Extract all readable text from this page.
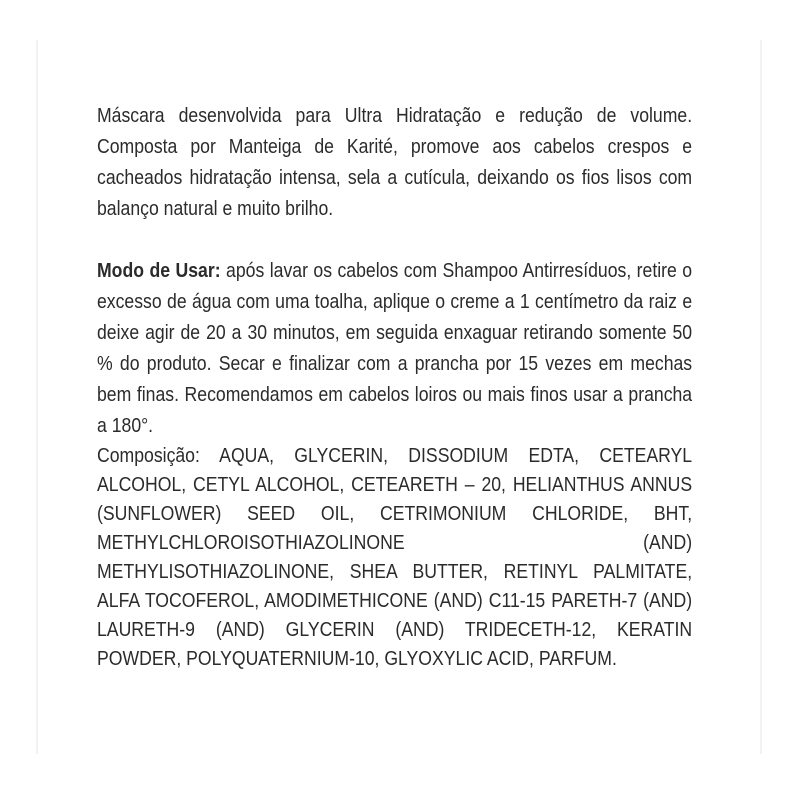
Máscara desenvolvida para Ultra Hidratação e redução de volume. Composta por Manteiga de Karité, promove aos cabelos crespos e cacheados hidratação intensa, sela a cutícula, deixando os fios lisos com balanço natural e muito brilho.

Modo de Usar: após lavar os cabelos com Shampoo Antirresíduos, retire o excesso de água com uma toalha, aplique o creme a 1 centímetro da raiz e deixe agir de 20 a 30 minutos, em seguida enxaguar retirando somente 50 % do produto. Secar e finalizar com a prancha por 15 vezes em mechas bem finas. Recomendamos em cabelos loiros ou mais finos usar a prancha a 180°.

Composição: AQUA, GLYCERIN, DISSODIUM EDTA, CETEARYL ALCOHOL, CETYL ALCOHOL, CETEARETH – 20, HELIANTHUS ANNUS (SUNFLOWER) SEED OIL, CETRIMONIUM CHLORIDE, BHT, METHYLCHLOROISOTHIAZOLINONE (AND) METHYLISOTHIAZOLINONE, SHEA BUTTER, RETINYL PALMITATE, ALFA TOCOFEROL, AMODIMETHICONE (AND) C11-15 PARETH-7 (AND) LAURETH-9 (AND) GLYCERIN (AND) TRIDECETH-12, KERATIN POWDER, POLYQUATERNIUM-10, GLYOXYLIC ACID, PARFUM.
